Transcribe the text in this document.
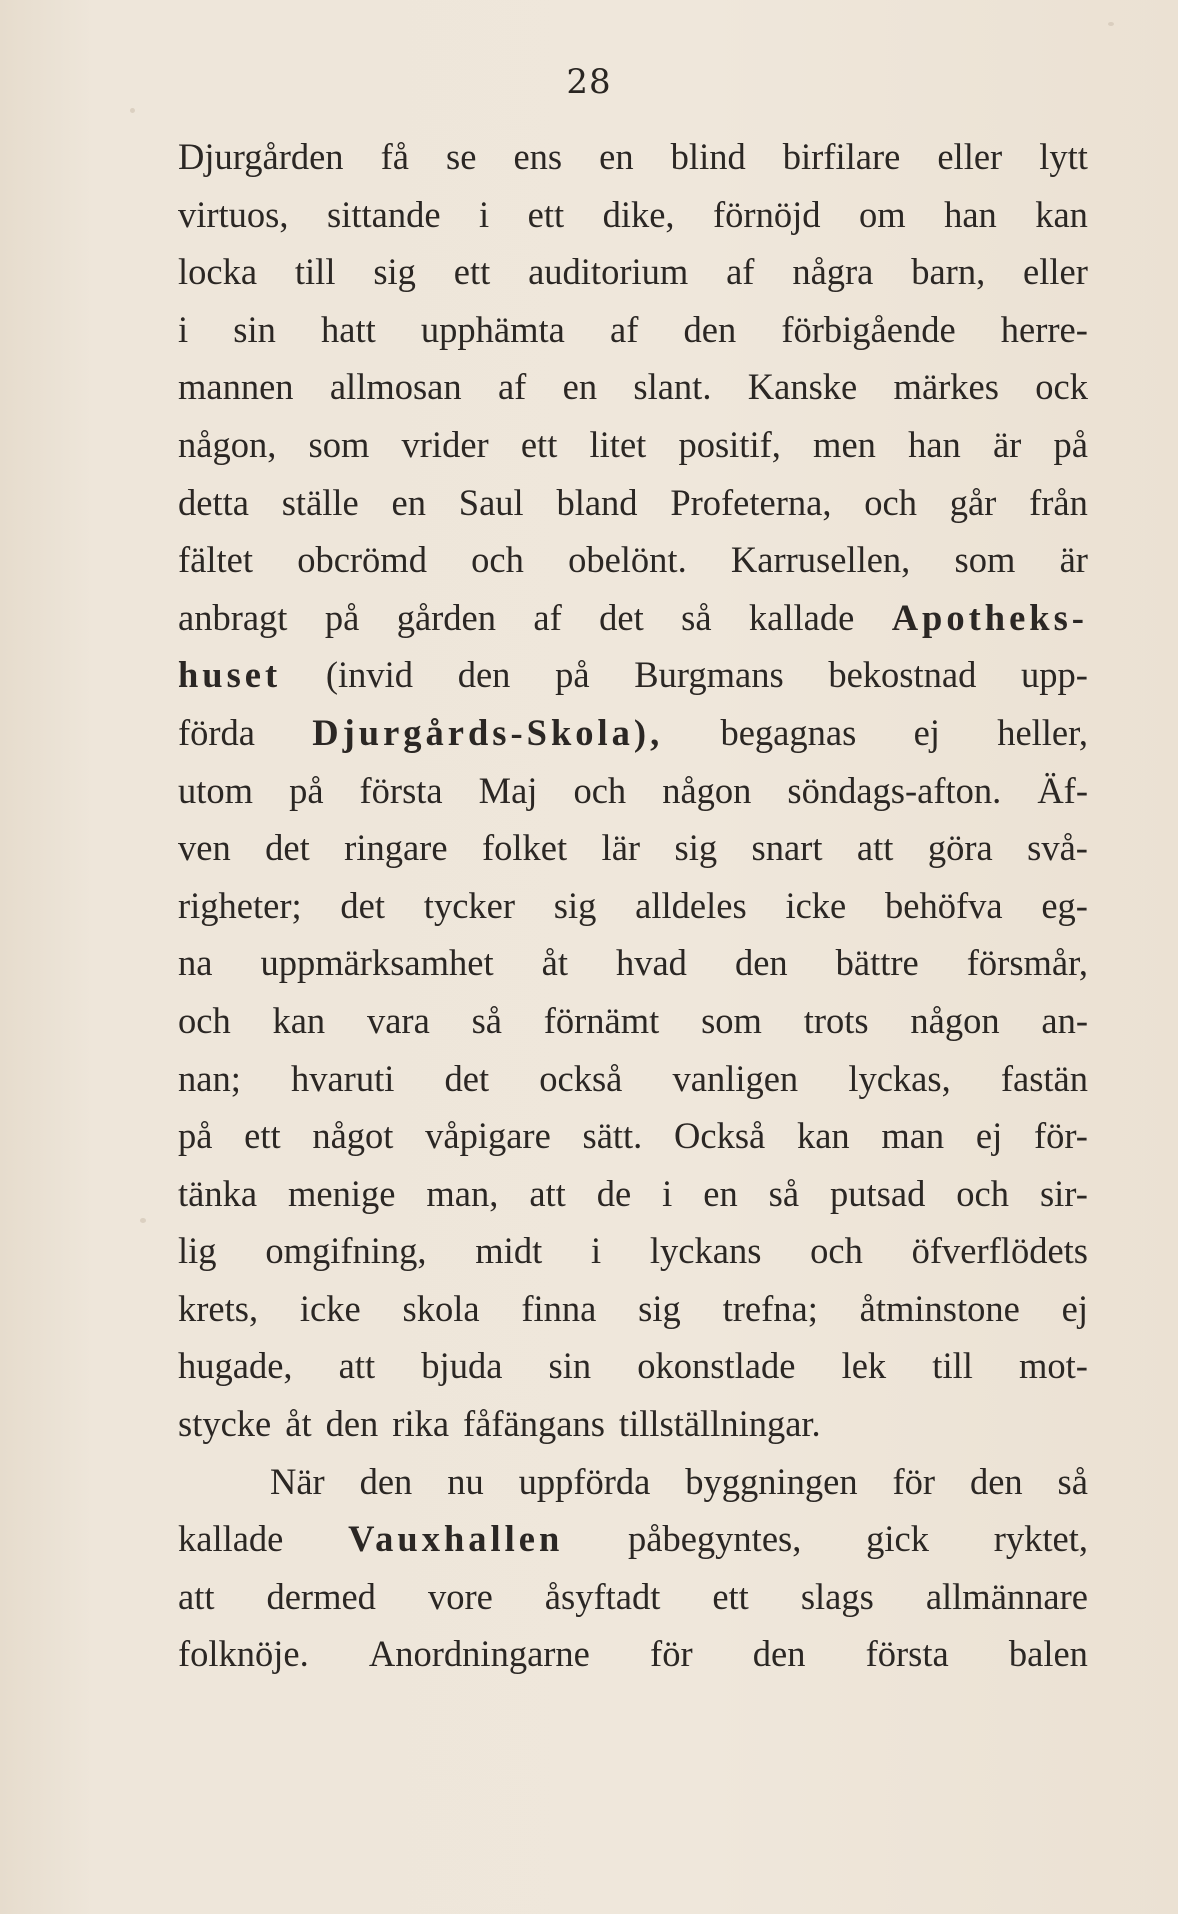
28
Djurgården få se ens en blind birfilare eller lytt
virtuos, sittande i ett dike, förnöjd om han kan
locka till sig ett auditorium af några barn, eller
i sin hatt upphämta af den förbigående herre-
mannen allmosan af en slant. Kanske märkes ock
någon, som vrider ett litet positif, men han är på
detta ställe en Saul bland Profeterna, och går från
fältet obcrömd och obelönt. Karrusellen, som är
anbragt på gården af det så kallade Apotheks-
huset (invid den på Burgmans bekostnad upp-
förda Djurgårds-Skola), begagnas ej heller,
utom på första Maj och någon söndags-afton. Äf-
ven det ringare folket lär sig snart att göra svå-
righeter; det tycker sig alldeles icke behöfva eg-
na uppmärksamhet åt hvad den bättre försmår,
och kan vara så förnämt som trots någon an-
nan; hvaruti det också vanligen lyckas, fastän
på ett något våpigare sätt. Också kan man ej för-
tänka menige man, att de i en så putsad och sir-
lig omgifning, midt i lyckans och öfverflödets
krets, icke skola finna sig trefna; åtminstone ej
hugade, att bjuda sin okonstlade lek till mot-
stycke åt den rika fåfängans tillställningar.
När den nu uppförda byggningen för den så
kallade Vauxhallen påbegyntes, gick ryktet,
att dermed vore åsyftadt ett slags allmännare
folknöje. Anordningarne för den första balen
